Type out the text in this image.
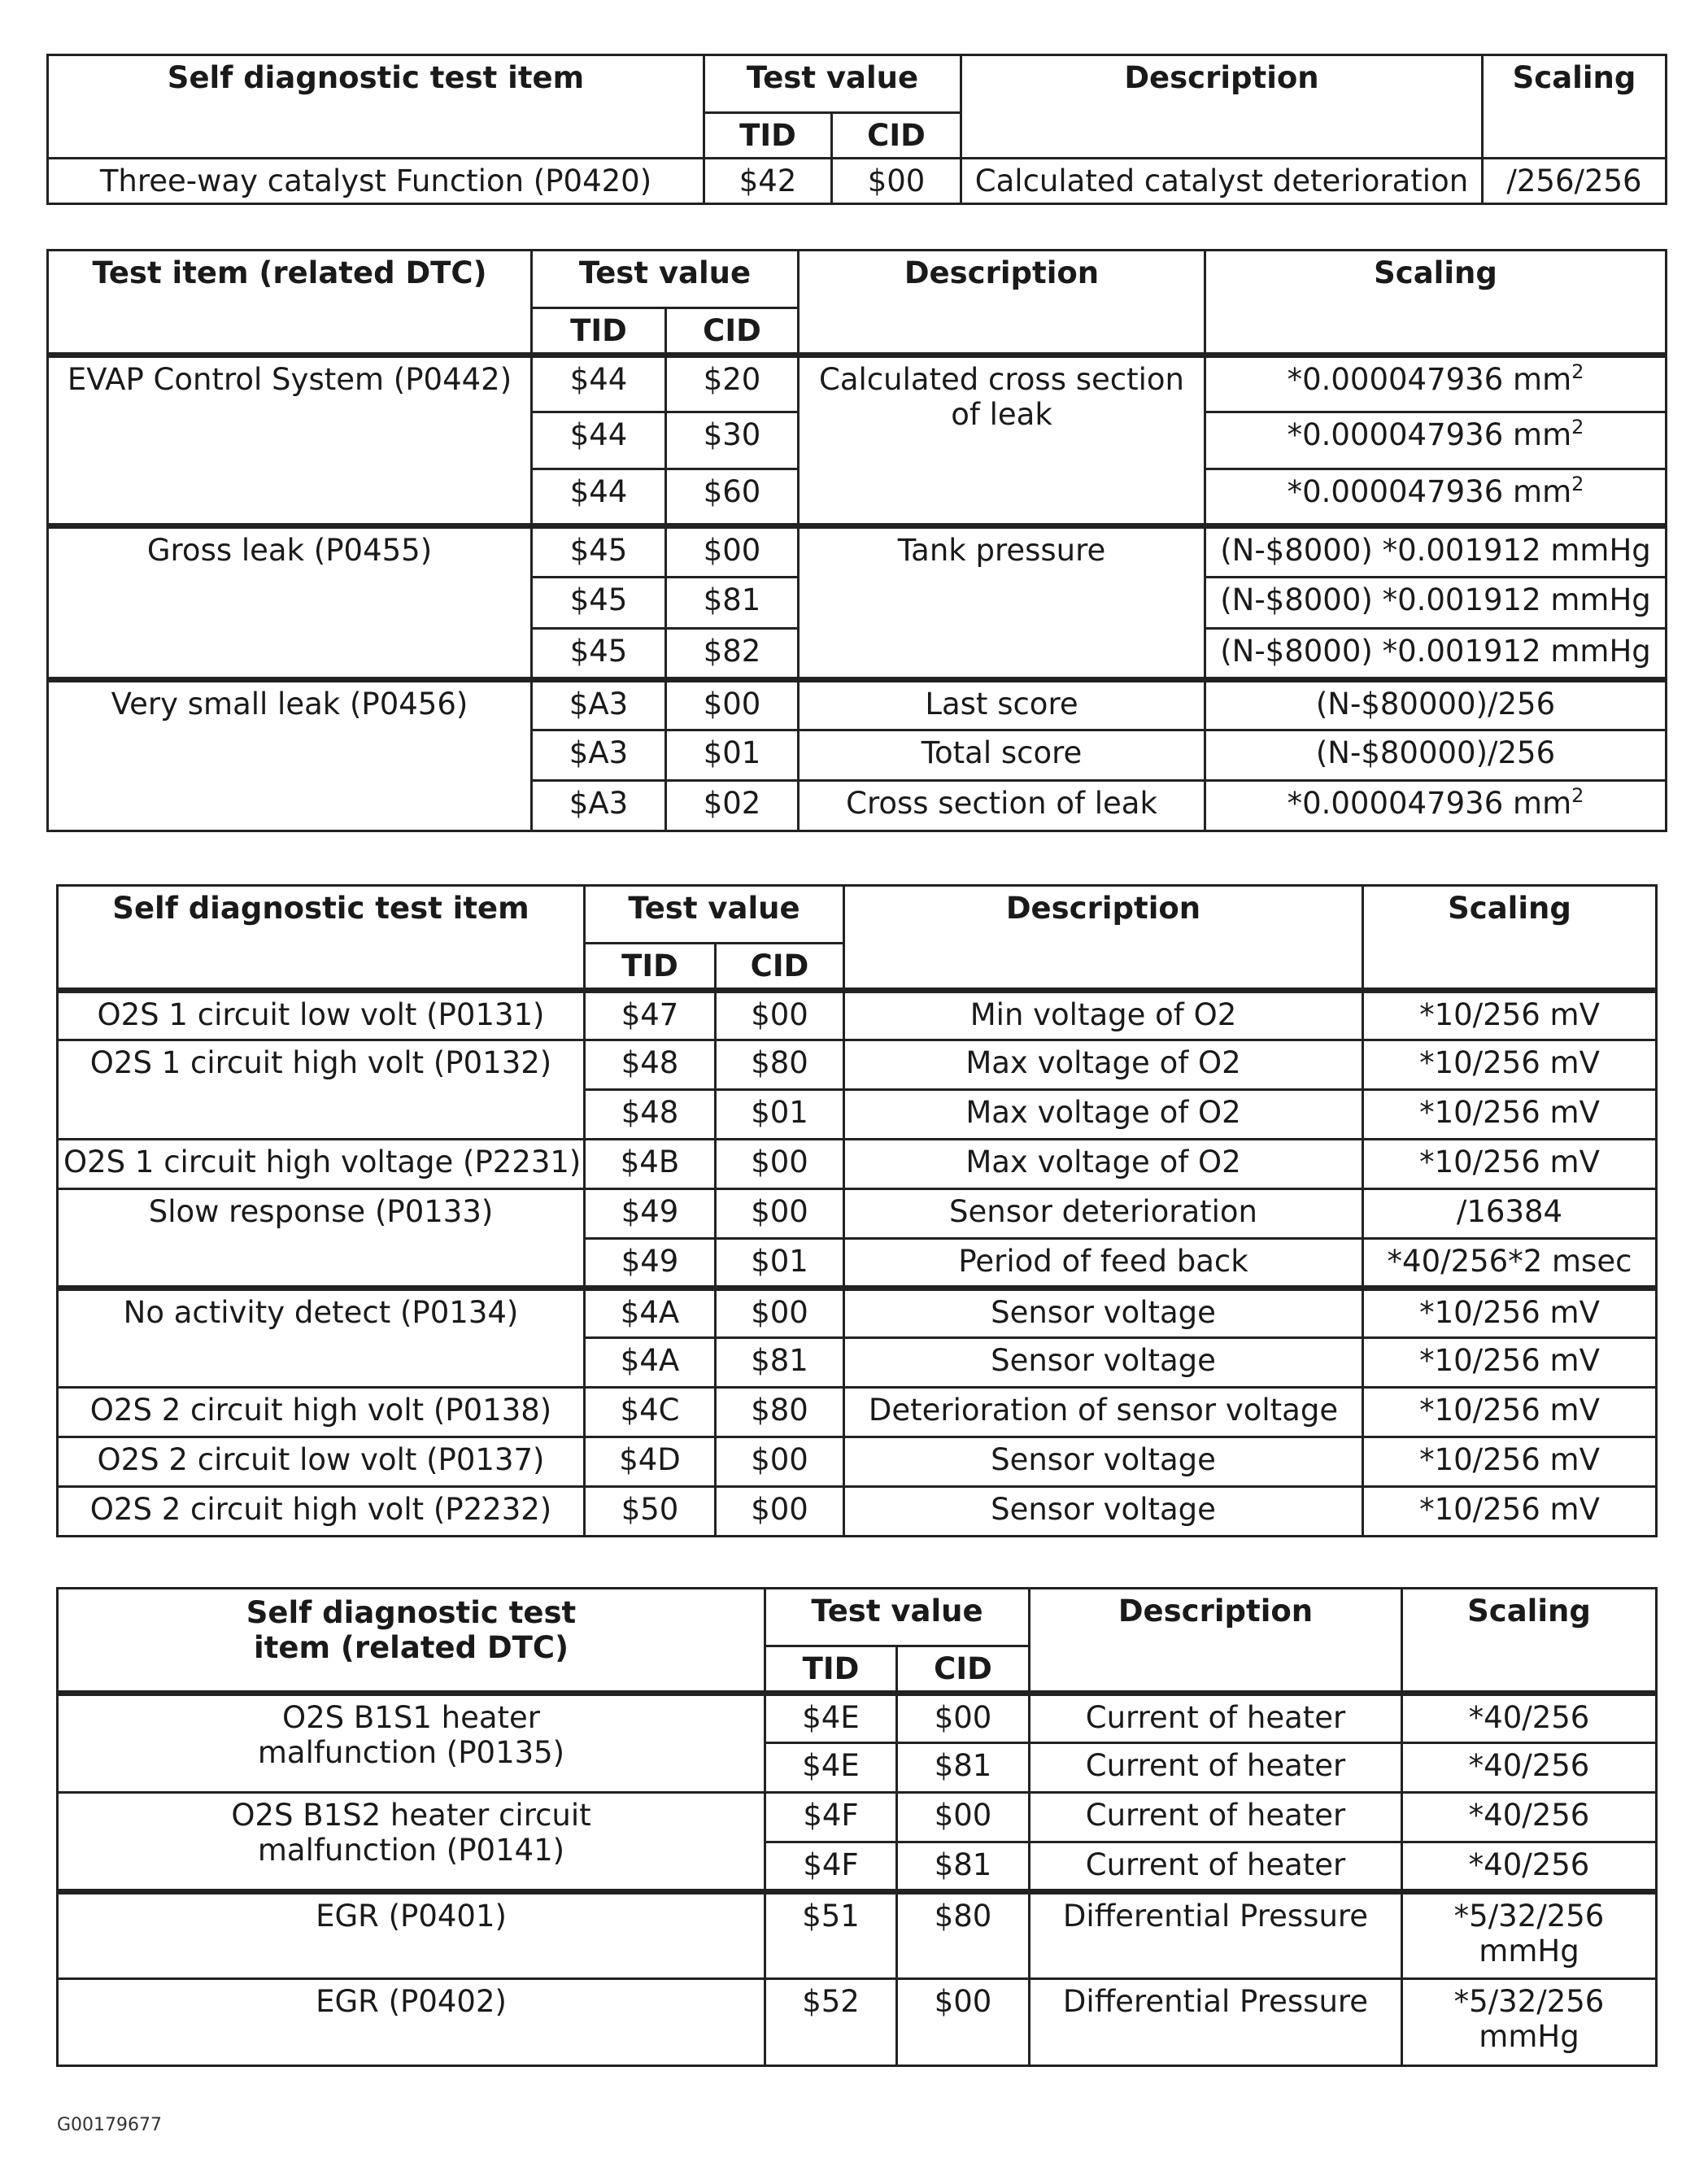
Self diagnostic test item	Test value		Description	Scaling
	TID	CID		
Three-way catalyst Function (P0420)	$42	$00	Calculated catalyst deterioration	/256/256
Test item (related DTC)	Test value		Description	Scaling
	TID	CID		
EVAP Control System (P0442)	$44	$20	Calculated cross section of leak	*0.000047936 $mm^2$
	$44	$30		*0.000047936 $mm^2$
	$44	$60		*0.000047936 $mm^2$
Gross leak (P0455)	$45	$00	Tank pressure	(N-$8000) *0.001912 mmHg
	$45	$81		(N-$8000) *0.001912 mmHg
	$45	$82		(N-$8000) *0.001912 mmHg
Very small leak (P0456)	$A3	$00	Last score	(N-$80000)/256
	$A3	$01	Total score	(N-$80000)/256
	$A3	$02	Cross section of leak	*0.000047936 $mm^2$
Self diagnostic test item	Test value		Description	Scaling
	TID	CID		
O2S 1 circuit low volt (P0131)	$47	$00	Min voltage of O2	*10/256 mV
O2S 1 circuit high volt (P0132)	$48	$80	Max voltage of O2	*10/256 mV
	$48	$01	Max voltage of O2	*10/256 mV
O2S 1 circuit high voltage (P2231)	$4B	$00	Max voltage of O2	*10/256 mV
Slow response (P0133)	$49	$00	Sensor deterioration	/16384
	$49	$01	Period of feed back	*40/256*2 msec
No activity detect (P0134)	$4A	$00	Sensor voltage	*10/256 mV
	$4A	$81	Sensor voltage	*10/256 mV
O2S 2 circuit high volt (P0138)	$4C	$80	Deterioration of sensor voltage	*10/256 mV
O2S 2 circuit low volt (P0137)	$4D	$00	Sensor voltage	*10/256 mV
O2S 2 circuit high volt (P2232)	$50	$00	Sensor voltage	*10/256 mV
Self diagnostic test item (related DTC)	Test value		Description	Scaling
	TID	CID		
O2S B1S1 heater malfunction (P0135)	$4E	$00	Current of heater	*40/256
	$4E	$81	Current of heater	*40/256
O2S B1S2 heater circuit malfunction (P0141)	$4F	$00	Current of heater	*40/256
	$4F	$81	Current of heater	*40/256
EGR (P0401)	$51	$80	Differential Pressure	*5/32/256 mmHg
EGR (P0402)	$52	$00	Differential Pressure	*5/32/256 mmHg
G00179677
